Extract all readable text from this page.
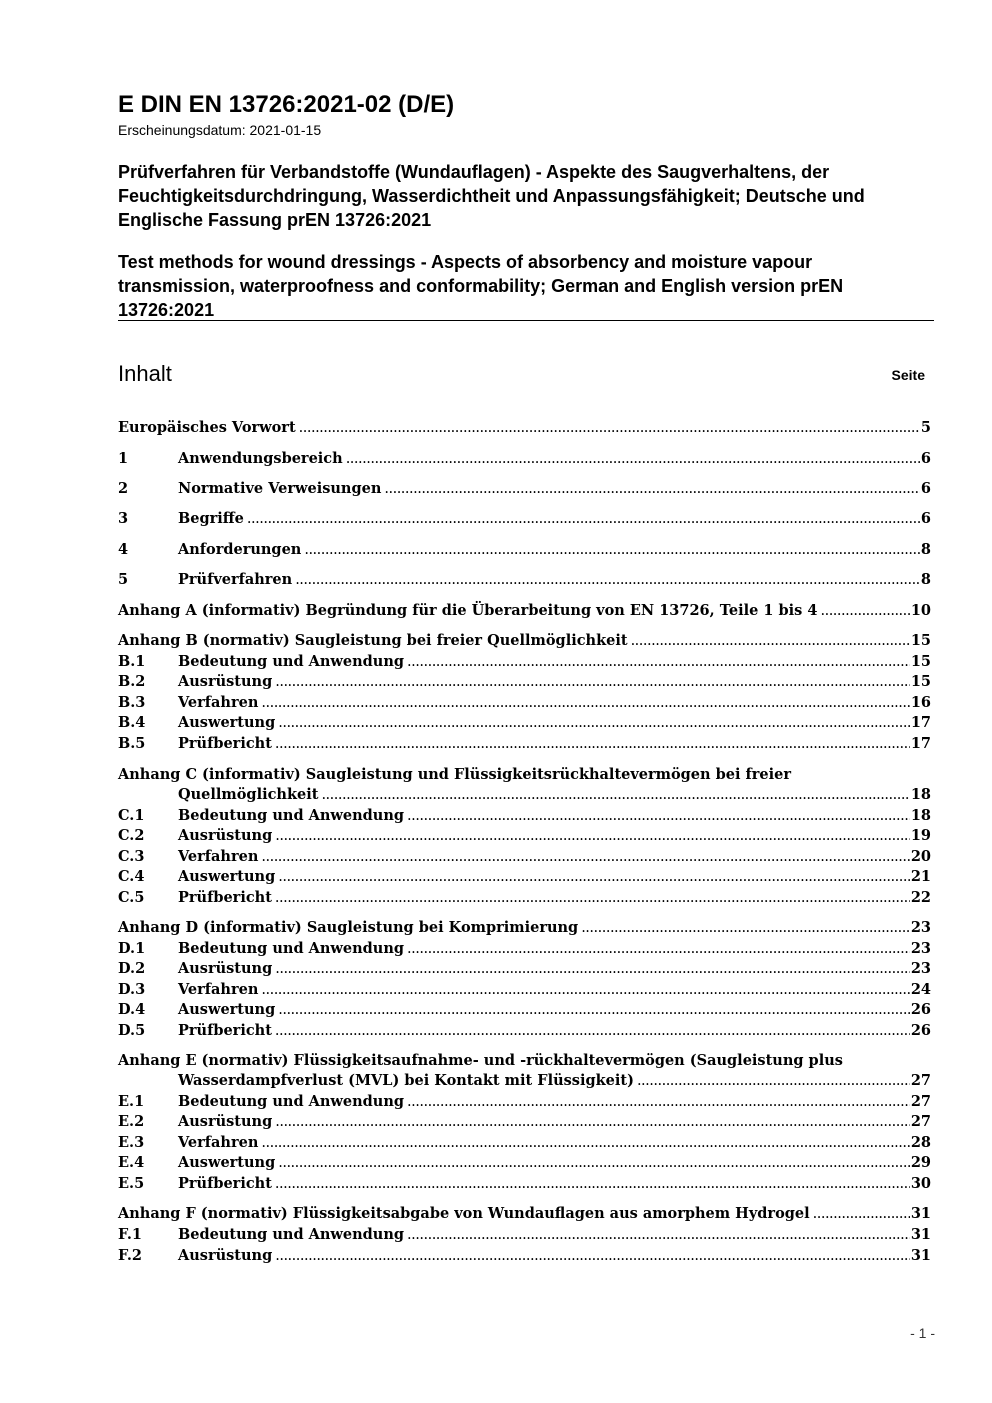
E DIN EN 13726:2021-02 (D/E)
Erscheinungsdatum: 2021-01-15
Prüfverfahren für Verbandstoffe (Wundauflagen) - Aspekte des Saugverhaltens, der Feuchtigkeitsdurchdringung, Wasserdichtheit und Anpassungsfähigkeit; Deutsche und Englische Fassung prEN 13726:2021
Test methods for wound dressings - Aspects of absorbency and moisture vapour transmission, waterproofness and conformability; German and English version prEN 13726:2021
Inhalt	Seite
Europäisches Vorwort .....	5
1	Anwendungsbereich .....	6
2	Normative Verweisungen .....	6
3	Begriffe .....	6
4	Anforderungen .....	8
5	Prüfverfahren .....	8
Anhang A (informativ) Begründung für die Überarbeitung von EN 13726, Teile 1 bis 4 .....	10
Anhang B (normativ) Saugleistung bei freier Quellmöglichkeit .....	15
B.1	Bedeutung und Anwendung .....	15
B.2	Ausrüstung .....	15
B.3	Verfahren .....	16
B.4	Auswertung .....	17
B.5	Prüfbericht .....	17
Anhang C (informativ) Saugleistung und Flüssigkeitsrückhaltevermögen bei freier
Quellmöglichkeit .....	18
C.1	Bedeutung und Anwendung .....	18
C.2	Ausrüstung .....	19
C.3	Verfahren .....	20
C.4	Auswertung .....	21
C.5	Prüfbericht .....	22
Anhang D (informativ) Saugleistung bei Komprimierung .....	23
D.1	Bedeutung und Anwendung .....	23
D.2	Ausrüstung .....	23
D.3	Verfahren .....	24
D.4	Auswertung .....	26
D.5	Prüfbericht .....	26
Anhang E (normativ) Flüssigkeitsaufnahme- und -rückhaltevermögen (Saugleistung plus
Wasserdampfverlust (MVL) bei Kontakt mit Flüssigkeit) .....	27
E.1	Bedeutung und Anwendung .....	27
E.2	Ausrüstung .....	27
E.3	Verfahren .....	28
E.4	Auswertung .....	29
E.5	Prüfbericht .....	30
Anhang F (normativ) Flüssigkeitsabgabe von Wundauflagen aus amorphem Hydrogel .....	31
F.1	Bedeutung und Anwendung .....	31
F.2	Ausrüstung .....	31
- 1 -
